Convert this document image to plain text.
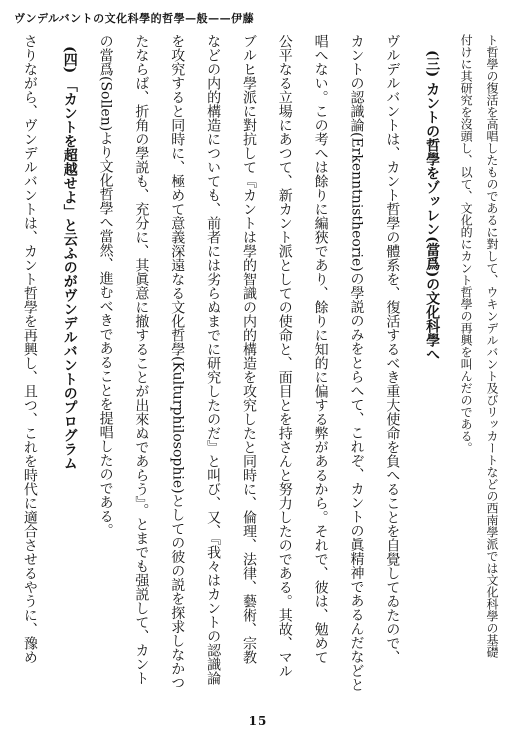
ヴンデルバントの文化科學的哲學—般——伊藤
ト哲學の復活を高唱したものであるに對して、ウキンデルバント及びリッカートなどの西南學派では文化科學の基礎
付けに其研究を沒頭し、以て、文化的にカント哲學の再興を叫んだのである。
(三) カントの哲學をゾッレン(當爲)の文化科學へ
ヴルデルバントは、カント哲學の體系を、復活するべき重大使命を負へることを自覺してゐたので、
カントの認識論(Erkenntnistheorie)の學説のみをとらへて、これぞ、カントの眞精神であるんだなどと
唱へない。この考へは餘りに編狹であり、餘りに知的に偏する弊があるから。それで、彼は、勉めて
公平なる立場にあつて、新カント派としての使命と、面目とを持さんと努力したのである。其故、マル
ブルヒ學派に對抗して『カントは學的智識の内的構造を攻究したと同時に、倫理、法律、藝術、宗教
などの内的構造についても、前者には劣らぬまでに研究したのだ』と叫び、又、『我々はカントの認識論
を攻究すると同時に、極めて意義深遠なる文化哲學(Kulturphilosophie)としての彼の説を探求しなかつ
たならば、折角の學説も、充分に、其眞意に撤することが出來ぬであらう』。とまでも强説して、カント
の當爲(Sollen)より文化哲學へ當然、進むべきであることを提唱したのである。
(四) 「カントを超越せよ」と云ふのがヴンデルバントのプログラム
さりながら、ヴンデルバントは、カント哲學を再興し、且つ、これを時代に適合させるやうに、豫め
15
